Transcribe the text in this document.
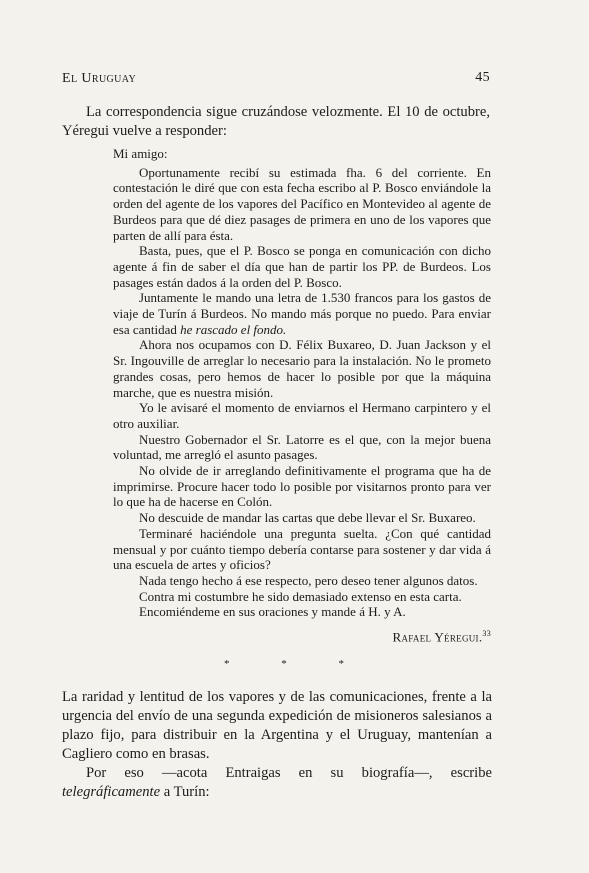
El Uruguay	45

La correspondencia sigue cruzándose velozmente. El 10 de octubre, Yéregui vuelve a responder:

Mi amigo:

Oportunamente recibí su estimada fha. 6 del corriente. En contestación le diré que con esta fecha escribo al P. Bosco enviándole la orden del agente de los vapores del Pacífico en Montevideo al agente de Burdeos para que dé diez pasages de primera en uno de los vapores que parten de allí para ésta.

Basta, pues, que el P. Bosco se ponga en comunicación con dicho agente á fin de saber el día que han de partir los PP. de Burdeos. Los pasages están dados á la orden del P. Bosco.

Juntamente le mando una letra de 1.530 francos para los gastos de viaje de Turín á Burdeos. No mando más porque no puedo. Para enviar esa cantidad he rascado el fondo.

Ahora nos ocupamos con D. Félix Buxareo, D. Juan Jackson y el Sr. Ingouville de arreglar lo necesario para la instalación. No le prometo grandes cosas, pero hemos de hacer lo posible por que la máquina marche, que es nuestra misión.

Yo le avisaré el momento de enviarnos el Hermano carpintero y el otro auxiliar.

Nuestro Gobernador el Sr. Latorre es el que, con la mejor buena voluntad, me arregló el asunto pasages.

No olvide de ir arreglando definitivamente el programa que ha de imprimirse. Procure hacer todo lo posible por visitarnos pronto para ver lo que ha de hacerse en Colón.

No descuide de mandar las cartas que debe llevar el Sr. Buxareo.

Terminaré haciéndole una pregunta suelta. ¿Con qué cantidad mensual y por cuánto tiempo debería contarse para sostener y dar vida á una escuela de artes y oficios?

Nada tengo hecho á ese respecto, pero deseo tener algunos datos.

Contra mi costumbre he sido demasiado extenso en esta carta.

Encomiéndeme en sus oraciones y mande á H. y A.

Rafael Yéregui.$^{33}$

*	*	*

La raridad y lentitud de los vapores y de las comunicaciones, frente a la urgencia del envío de una segunda expedición de misioneros salesianos a plazo fijo, para distribuir en la Argentina y el Uruguay, mantenían a Cagliero como en brasas.

Por eso —acota Entraigas en su biografía—, escribe telegráficamente a Turín:
